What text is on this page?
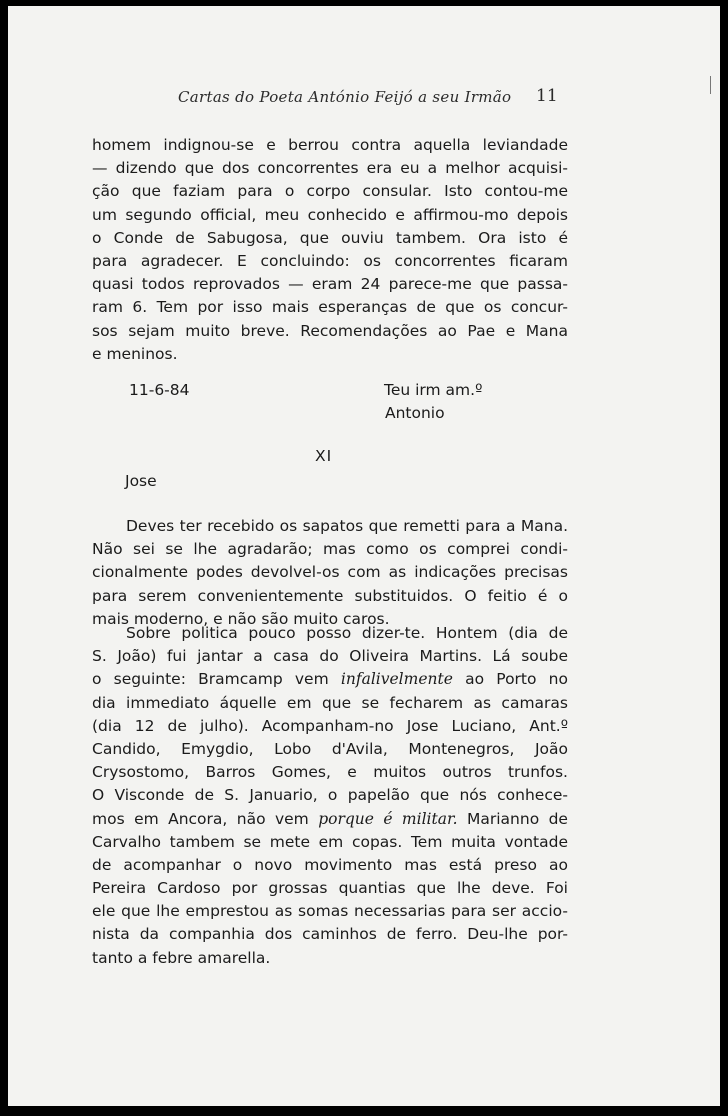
Cartas do Poeta António Feijó a seu Irmão 11
homem indignou-se e berrou contra aquella leviandade
— dizendo que dos concorrentes era eu a melhor acquisi-
ção que faziam para o corpo consular. Isto contou-me
um segundo official, meu conhecido e affirmou-mo depois
o Conde de Sabugosa, que ouviu tambem. Ora isto é
para agradecer. E concluindo: os concorrentes ficaram
quasi todos reprovados — eram 24 parece-me que passa-
ram 6. Tem por isso mais esperanças de que os concur-
sos sejam muito breve. Recomendações ao Pae e Mana
e meninos.
11-6-84	Teu irm am.º
Antonio
XI
Jose
Deves ter recebido os sapatos que remetti para a Mana.
Não sei se lhe agradarão; mas como os comprei condi-
cionalmente podes devolvel-os com as indicações precisas
para serem convenientemente substituidos. O feitio é o
mais moderno, e não são muito caros.
Sobre politica pouco posso dizer-te. Hontem (dia de
S. João) fui jantar a casa do Oliveira Martins. Lá soube
o seguinte: Bramcamp vem infalivelmente ao Porto no
dia immediato áquelle em que se fecharem as camaras
(dia 12 de julho). Acompanham-no Jose Luciano, Ant.º
Candido, Emygdio, Lobo d'Avila, Montenegros, João
Crysostomo, Barros Gomes, e muitos outros trunfos.
O Visconde de S. Januario, o papelão que nós conhece-
mos em Ancora, não vem porque é militar. Marianno de
Carvalho tambem se mete em copas. Tem muita vontade
de acompanhar o novo movimento mas está preso ao
Pereira Cardoso por grossas quantias que lhe deve. Foi
ele que lhe emprestou as somas necessarias para ser accio-
nista da companhia dos caminhos de ferro. Deu-lhe por-
tanto a febre amarella.
